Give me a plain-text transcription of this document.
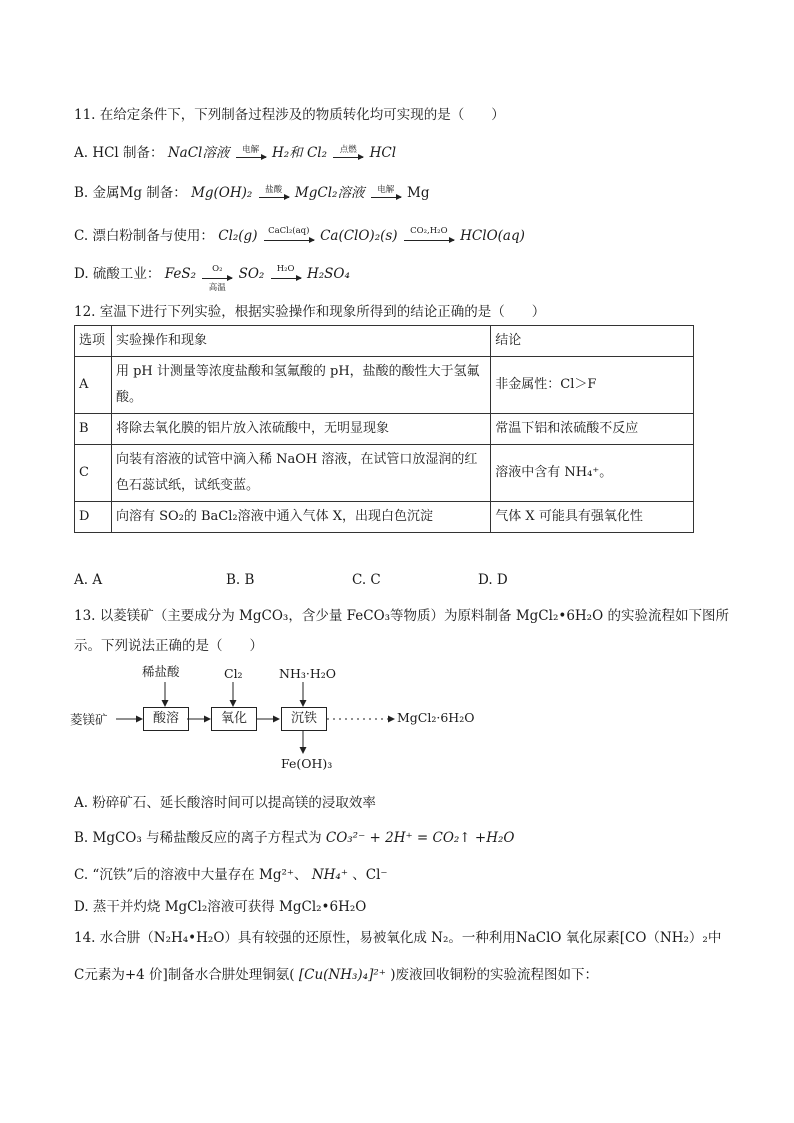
11. 在给定条件下，下列制备过程涉及的物质转化均可实现的是（　　）
A. HCl 制备： NaCl溶液	电解 H₂和 Cl₂	点燃 HCl
B. 金属Mg 制备： Mg(OH)₂	盐酸 MgCl₂溶液	电解 Mg
C. 漂白粉制备与使用： Cl₂(g)	CaCl₂(aq) Ca(ClO)₂(s)	CO₂,H₂O HClO(aq)
D. 硫酸工业： FeS₂	O₂
高温
SO₂	H₂O H₂SO₄
12. 室温下进行下列实验，根据实验操作和现象所得到的结论正确的是（　　）
选项	实验操作和现象	结论
A	用 pH 计测量等浓度盐酸和氢氟酸的 pH，盐酸的酸性大于氢氟酸。	非金属性：Cl＞F
B	将除去氧化膜的铝片放入浓硫酸中，无明显现象	常温下铝和浓硫酸不反应
C	向装有溶液的试管中滴入稀 NaOH 溶液，在试管口放湿润的红色石蕊试纸，试纸变蓝。	溶液中含有 NH₄⁺。
D	向溶有 SO₂的 BaCl₂溶液中通入气体 X，出现白色沉淀	气体 X 可能具有强氧化性
A. A	B. B	C. C	D. D
13. 以菱镁矿（主要成分为 MgCO₃，含少量 FeCO₃等物质）为原料制备 MgCl₂•6H₂O 的实验流程如下图所
示。下列说法正确的是（　　）
菱镁矿	酸溶	氧化	沉铁
稀盐酸	Cl₂	NH₃·H₂O
MgCl₂·6H₂O
Fe(OH)₃
A. 粉碎矿石、延长酸溶时间可以提高镁的浸取效率
B. MgCO₃ 与稀盐酸反应的离子方程式为 CO₃²⁻ + 2H⁺ = CO₂↑ +H₂O
C. “沉铁”后的溶液中大量存在 Mg²⁺、 NH₄⁺ 、Cl⁻
D. 蒸干并灼烧 MgCl₂溶液可获得 MgCl₂•6H₂O
14. 水合肼（N₂H₄•H₂O）具有较强的还原性，易被氧化成 N₂。一种利用NaClO 氧化尿素[CO（NH₂）₂中
C元素为+4 价]制备水合肼处理铜氨( [Cu(NH₃)₄]²⁺ )废液回收铜粉的实验流程图如下：
